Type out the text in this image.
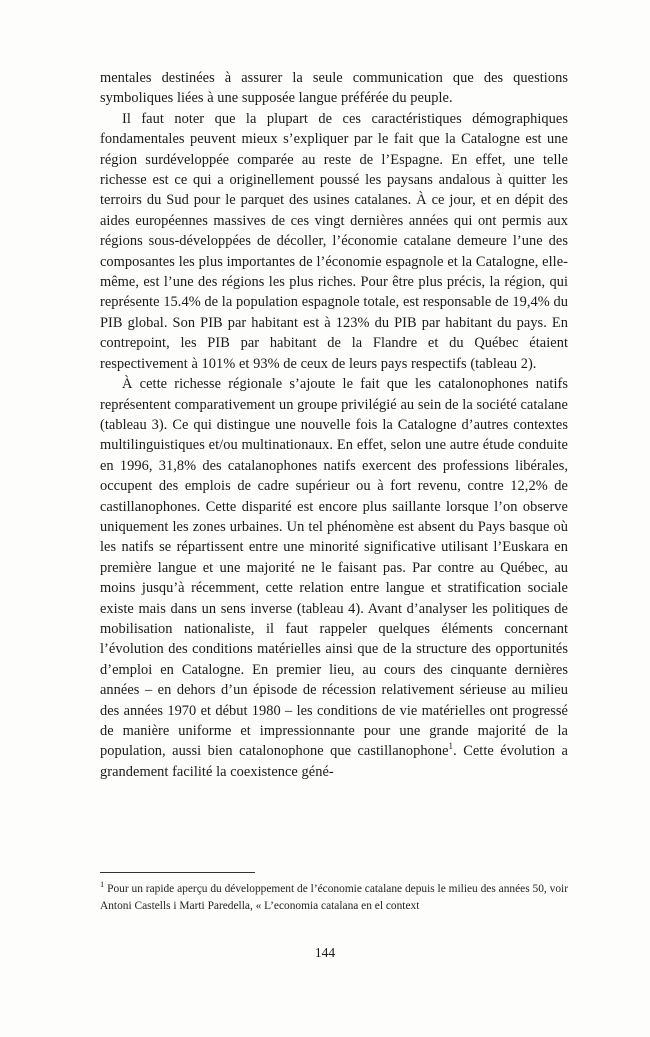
mentales destinées à assurer la seule communication que des questions symboliques liées à une supposée langue préférée du peuple.

Il faut noter que la plupart de ces caractéristiques démographiques fondamentales peuvent mieux s’expliquer par le fait que la Catalogne est une région surdéveloppée comparée au reste de l’Espagne. En effet, une telle richesse est ce qui a originellement poussé les paysans andalous à quitter les terroirs du Sud pour le parquet des usines catalanes. À ce jour, et en dépit des aides européennes massives de ces vingt dernières années qui ont permis aux régions sous-développées de décoller, l’économie catalane demeure l’une des composantes les plus importantes de l’économie espagnole et la Catalogne, elle-même, est l’une des régions les plus riches. Pour être plus précis, la région, qui représente 15.4% de la population espagnole totale, est responsable de 19,4% du PIB global. Son PIB par habitant est à 123% du PIB par habitant du pays. En contrepoint, les PIB par habitant de la Flandre et du Québec étaient respectivement à 101% et 93% de ceux de leurs pays respectifs (tableau 2).

À cette richesse régionale s’ajoute le fait que les catalonophones natifs représentent comparativement un groupe privilégié au sein de la société catalane (tableau 3). Ce qui distingue une nouvelle fois la Catalogne d’autres contextes multilinguistiques et/ou multinationaux. En effet, selon une autre étude conduite en 1996, 31,8% des catalanophones natifs exercent des professions libérales, occupent des emplois de cadre supérieur ou à fort revenu, contre 12,2% de castillanophones. Cette disparité est encore plus saillante lorsque l’on observe uniquement les zones urbaines. Un tel phénomène est absent du Pays basque où les natifs se répartissent entre une minorité significative utilisant l’Euskara en première langue et une majorité ne le faisant pas. Par contre au Québec, au moins jusqu’à récemment, cette relation entre langue et stratification sociale existe mais dans un sens inverse (tableau 4). Avant d’analyser les politiques de mobilisation nationaliste, il faut rappeler quelques éléments concernant l’évolution des conditions matérielles ainsi que de la structure des opportunités d’emploi en Catalogne. En premier lieu, au cours des cinquante dernières années – en dehors d’un épisode de récession relativement sérieuse au milieu des années 1970 et début 1980 – les conditions de vie matérielles ont progressé de manière uniforme et impressionnante pour une grande majorité de la population, aussi bien catalonophone que castillanophone$^1$. Cette évolution a grandement facilité la coexistence géné-

$^1$ Pour un rapide aperçu du développement de l’économie catalane depuis le milieu des années 50, voir Antoni Castells i Marti Paredella, « L’economia catalana en el context

144
